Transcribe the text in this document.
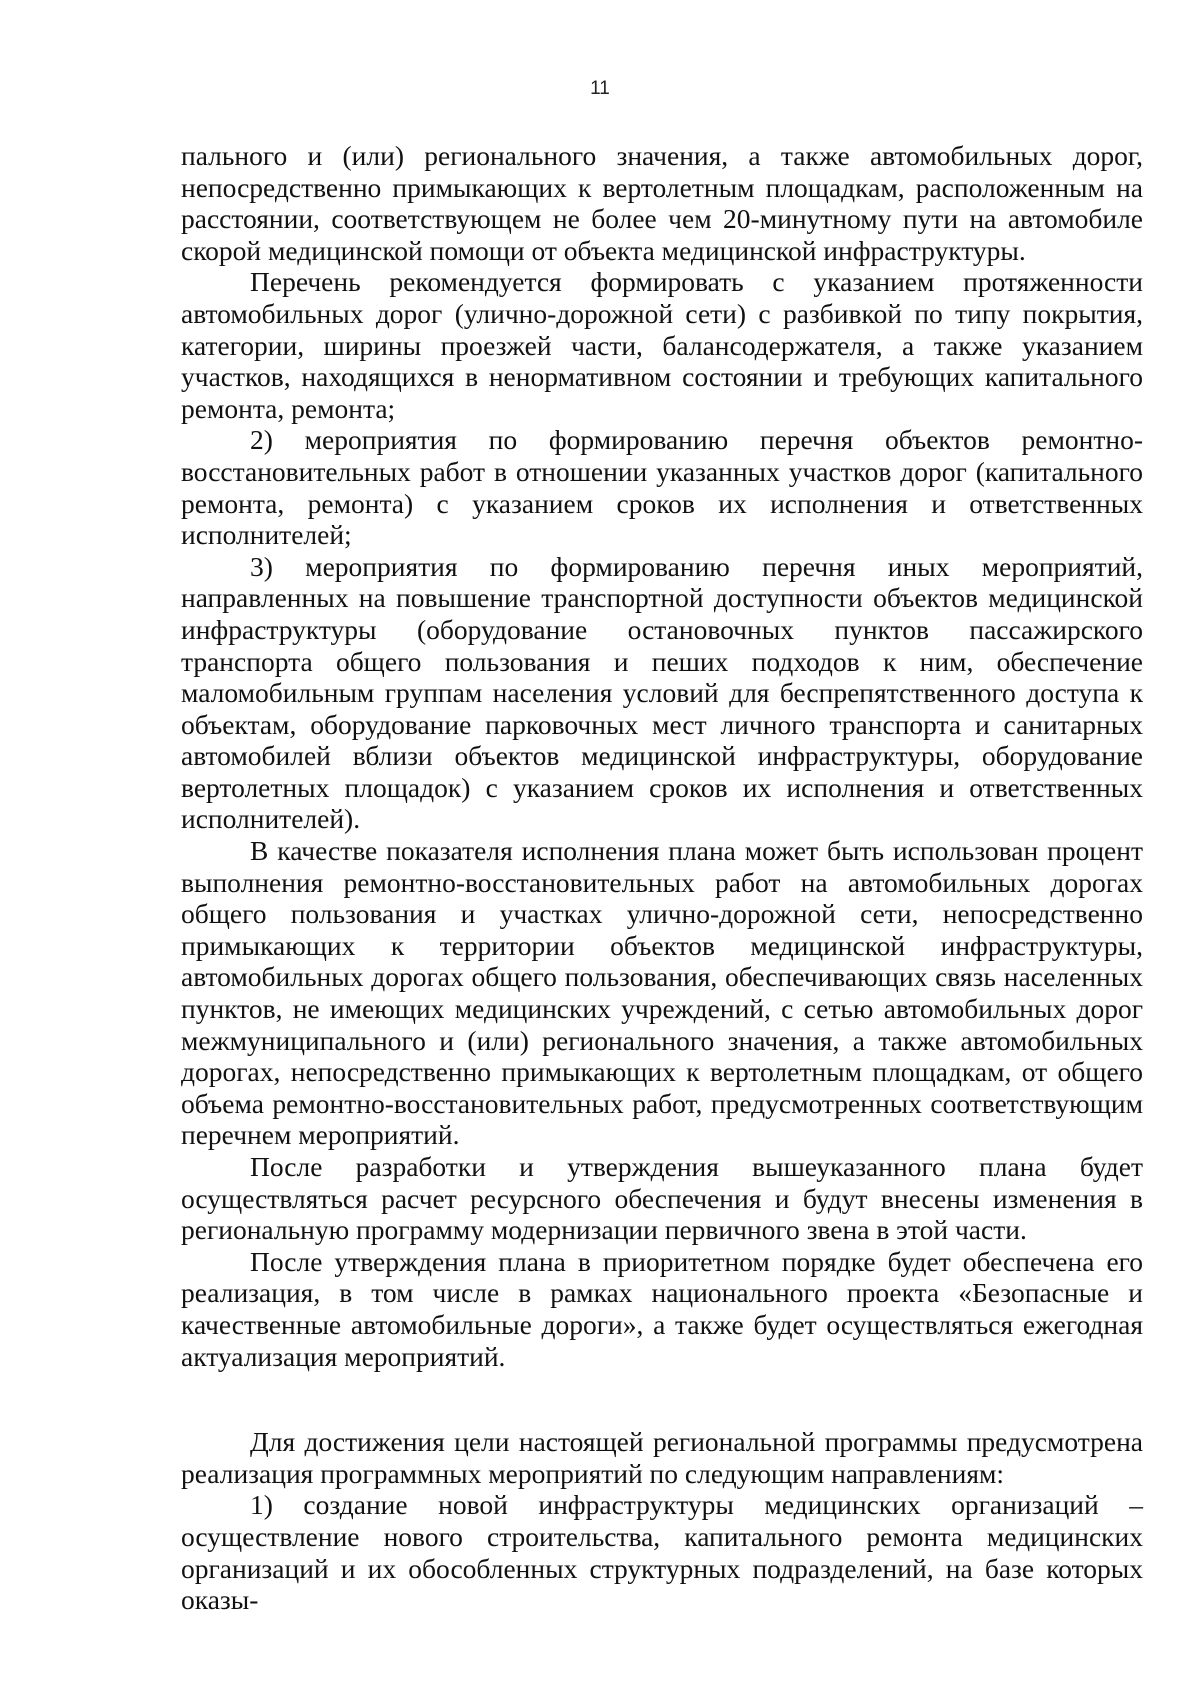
11

пального и (или) регионального значения, а также автомобильных дорог, непосредственно примыкающих к вертолетным площадкам, расположенным на расстоянии, соответствующем не более чем 20-минутному пути на автомобиле скорой медицинской помощи от объекта медицинской инфраструктуры.

Перечень рекомендуется формировать с указанием протяженности автомобильных дорог (улично-дорожной сети) с разбивкой по типу покрытия, категории, ширины проезжей части, балансодержателя, а также указанием участков, находящихся в ненормативном состоянии и требующих капитального ремонта, ремонта;

2) мероприятия по формированию перечня объектов ремонтно-восстановительных работ в отношении указанных участков дорог (капитального ремонта, ремонта) с указанием сроков их исполнения и ответственных исполнителей;

3) мероприятия по формированию перечня иных мероприятий, направленных на повышение транспортной доступности объектов медицинской инфраструктуры (оборудование остановочных пунктов пассажирского транспорта общего пользования и пеших подходов к ним, обеспечение маломобильным группам населения условий для беспрепятственного доступа к объектам, оборудование парковочных мест личного транспорта и санитарных автомобилей вблизи объектов медицинской инфраструктуры, оборудование вертолетных площадок) с указанием сроков их исполнения и ответственных исполнителей).

В качестве показателя исполнения плана может быть использован процент выполнения ремонтно-восстановительных работ на автомобильных дорогах общего пользования и участках улично-дорожной сети, непосредственно примыкающих к территории объектов медицинской инфраструктуры, автомобильных дорогах общего пользования, обеспечивающих связь населенных пунктов, не имеющих медицинских учреждений, с сетью автомобильных дорог межмуниципального и (или) регионального значения, а также автомобильных дорогах, непосредственно примыкающих к вертолетным площадкам, от общего объема ремонтно-восстановительных работ, предусмотренных соответствующим перечнем мероприятий.

После разработки и утверждения вышеуказанного плана будет осуществляться расчет ресурсного обеспечения и будут внесены изменения в региональную программу модернизации первичного звена в этой части.

После утверждения плана в приоритетном порядке будет обеспечена его реализация, в том числе в рамках национального проекта «Безопасные и качественные автомобильные дороги», а также будет осуществляться ежегодная актуализация мероприятий.

Для достижения цели настоящей региональной программы предусмотрена реализация программных мероприятий по следующим направлениям:

1) создание новой инфраструктуры медицинских организаций – осуществление нового строительства, капитального ремонта медицинских организаций и их обособленных структурных подразделений, на базе которых оказы-
